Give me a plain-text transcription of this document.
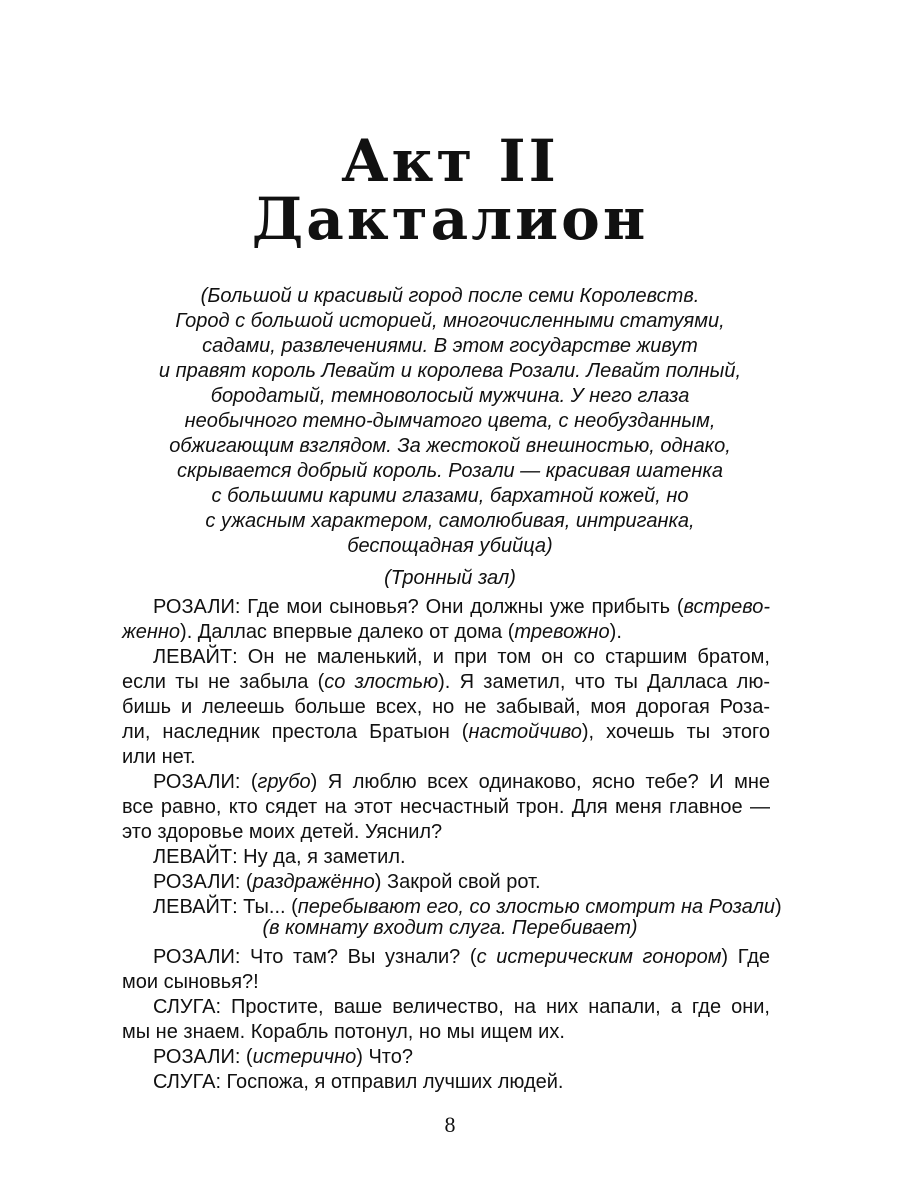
Акт II
Дакталион
(Большой и красивый город после семи Королевств.
Город с большой историей, многочисленными статуями,
садами, развлечениями. В этом государстве живут
и правят король Левайт и королева Розали. Левайт полный,
бородатый, темноволосый мужчина. У него глаза
необычного темно-дымчатого цвета, с необузданным,
обжигающим взглядом. За жестокой внешностью, однако,
скрывается добрый король. Розали — красивая шатенка
с большими карими глазами, бархатной кожей, но
с ужасным характером, самолюбивая, интриганка,
беспощадная убийца)
(Тронный зал)
РОЗАЛИ: Где мои сыновья? Они должны уже прибыть (встрево-
женно). Даллас впервые далеко от дома (тревожно).
ЛЕВАЙТ: Он не маленький, и при том он со старшим братом,
если ты не забыла (со злостью). Я заметил, что ты Далласа лю-
бишь и лелеешь больше всех, но не забывай, моя дорогая Роза-
ли, наследник престола Братыон (настойчиво), хочешь ты этого
или нет.
РОЗАЛИ: (грубо) Я люблю всех одинаково, ясно тебе? И мне
все равно, кто сядет на этот несчастный трон. Для меня главное —
это здоровье моих детей. Уяснил?
ЛЕВАЙТ: Ну да, я заметил.
РОЗАЛИ: (раздражённо) Закрой свой рот.
ЛЕВАЙТ: Ты... (перебывают его, со злостью смотрит на Розали)
(в комнату входит слуга. Перебивает)
РОЗАЛИ: Что там? Вы узнали? (с истерическим гонором) Где
мои сыновья?!
СЛУГА: Простите, ваше величество, на них напали, а где они,
мы не знаем. Корабль потонул, но мы ищем их.
РОЗАЛИ: (истерично) Что?
СЛУГА: Госпожа, я отправил лучших людей.
8
